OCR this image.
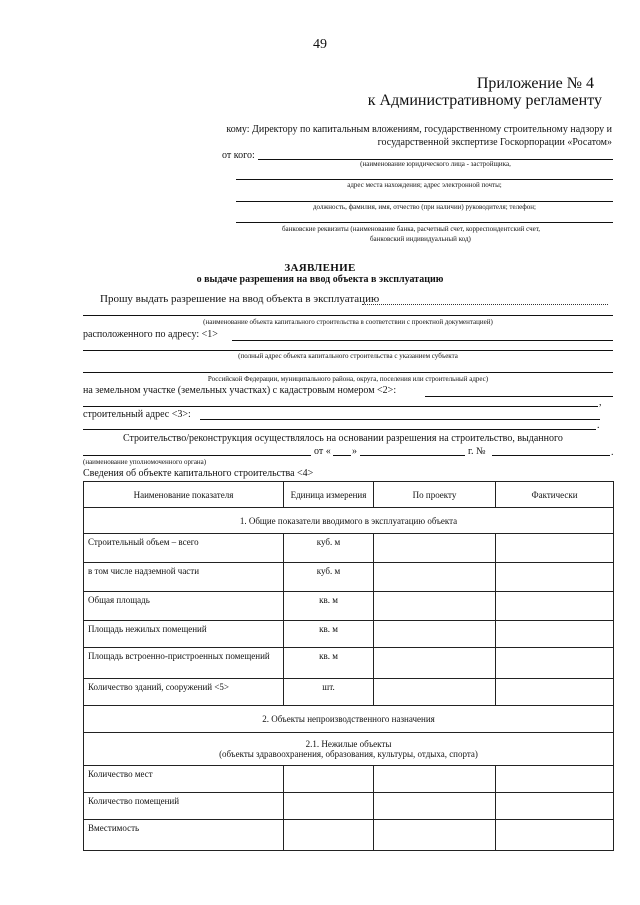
49
Приложение № 4
к Административному регламенту
кому: Директору по капитальным вложениям, государственному строительному надзору и
государственной экспертизе Госкорпорации «Росатом»
от кого:
(наименование юридического лица - застройщика,
адрес места нахождения; адрес электронной почты;
должность, фамилия, имя, отчество (при наличии) руководителя; телефон;
банковские реквизиты (наименование банка, расчетный счет, корреспондентский счет,
банковский индивидуальный код)
ЗАЯВЛЕНИЕ
о выдаче разрешения на ввод объекта в эксплуатацию
Прошу выдать разрешение на ввод объекта в эксплуатацию
(наименование объекта капитального строительства в соответствии с проектной документацией)
расположенного по адресу: <1>
(полный адрес объекта капитального строительства с указанием субъекта
Российской Федерации, муниципального района, округа, поселения или строительный адрес)
на земельном участке (земельных участках) с кадастровым номером <2>:
,
строительный адрес <3>:
.
Строительство/реконструкция осуществлялось на основании разрешения на строительство, выданного
от « »	г. №	.
(наименование уполномоченного органа)
Сведения об объекте капитального строительства <4>
Наименование показателя	Единица измерения	По проекту	Фактически
1. Общие показатели вводимого в эксплуатацию объекта			
Строительный объем – всего	куб. м		
в том числе надземной части	куб. м		
Общая площадь	кв. м		
Площадь нежилых помещений	кв. м		
Площадь встроенно-пристроенных помещений	кв. м		
Количество зданий, сооружений <5>	шт.		
2. Объекты непроизводственного назначения			

2.1. Нежилые объекты
(объекты здравоохранения, образования, культуры, отдыха, спорта)			

Количество мест			
Количество помещений			
Вместимость			
